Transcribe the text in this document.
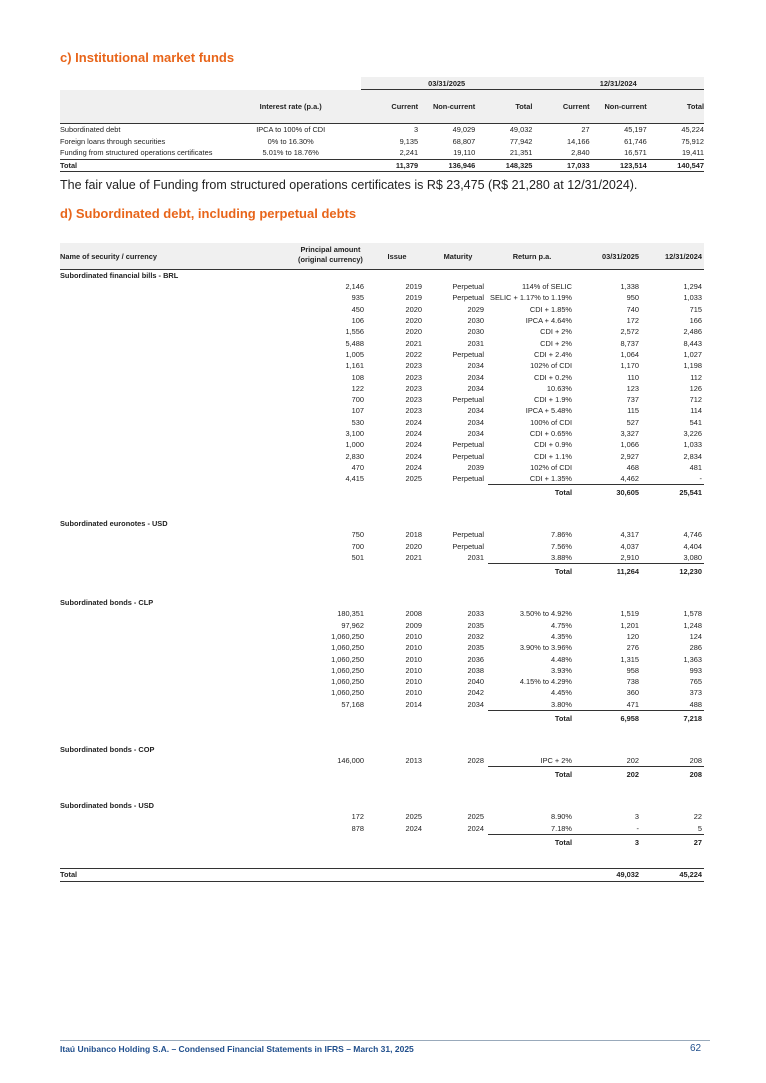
c) Institutional market funds
		03/31/2025			12/31/2024		
	Interest rate (p.a.)	Current	Non-current	Total	Current	Non-current	Total
Subordinated debt	IPCA to 100% of CDI	3	49,029	49,032	27	45,197	45,224
Foreign loans through securities	0% to 16.30%	9,135	68,807	77,942	14,166	61,746	75,912
Funding from structured operations certificates	5.01% to 18.76%	2,241	19,110	21,351	2,840	16,571	19,411
Total		11,379	136,946	148,325	17,033	123,514	140,547
The fair value of Funding from structured operations certificates is R$ 23,475 (R$ 21,280 at 12/31/2024).
d) Subordinated debt, including perpetual debts
Name of security / currency
Principal amount
(original currency)	Issue	Maturity	Return p.a.	03/31/2025	12/31/2024
Subordinated financial bills - BRL					
2,146	2019	Perpetual	114% of SELIC	1,338	1,294
935	2019	Perpetual	SELIC + 1.17% to 1.19%	950	1,033
450	2020	2029	CDI + 1.85%	740	715
106	2020	2030	IPCA + 4.64%	172	166
1,556	2020	2030	CDI + 2%	2,572	2,486
5,488	2021	2031	CDI + 2%	8,737	8,443
1,005	2022	Perpetual	CDI + 2.4%	1,064	1,027
1,161	2023	2034	102% of CDI	1,170	1,198
108	2023	2034	CDI + 0.2%	110	112
122	2023	2034	10.63%	123	126
700	2023	Perpetual	CDI + 1.9%	737	712
107	2023	2034	IPCA + 5.48%	115	114
530	2024	2034	100% of CDI	527	541
3,100	2024	2034	CDI + 0.65%	3,327	3,226
1,000	2024	Perpetual	CDI + 0.9%	1,066	1,033
2,830	2024	Perpetual	CDI + 1.1%	2,927	2,834
470	2024	2039	102% of CDI	468	481
4,415	2025	Perpetual	CDI + 1.35%	4,462	-
			Total	30,605	25,541

Subordinated euronotes - USD					
750	2018	Perpetual	7.86%	4,317	4,746
700	2020	Perpetual	7.56%	4,037	4,404
501	2021	2031	3.88%	2,910	3,080
			Total	11,264	12,230

Subordinated bonds - CLP					
180,351	2008	2033	3.50% to 4.92%	1,519	1,578
97,962	2009	2035	4.75%	1,201	1,248
1,060,250	2010	2032	4.35%	120	124
1,060,250	2010	2035	3.90% to 3.96%	276	286
1,060,250	2010	2036	4.48%	1,315	1,363
1,060,250	2010	2038	3.93%	958	993
1,060,250	2010	2040	4.15% to 4.29%	738	765
1,060,250	2010	2042	4.45%	360	373
57,168	2014	2034	3.80%	471	488
			Total	6,958	7,218

Subordinated bonds - COP					
146,000	2013	2028	IPC + 2%	202	208
			Total	202	208

Subordinated bonds - USD					
172	2025	2025	8.90%	3	22
878	2024	2024	7.18%	-	5
			Total	3	27

Total				49,032	45,224
Itaú Unibanco Holding S.A. – Condensed Financial Statements in IFRS – March 31, 2025	62
